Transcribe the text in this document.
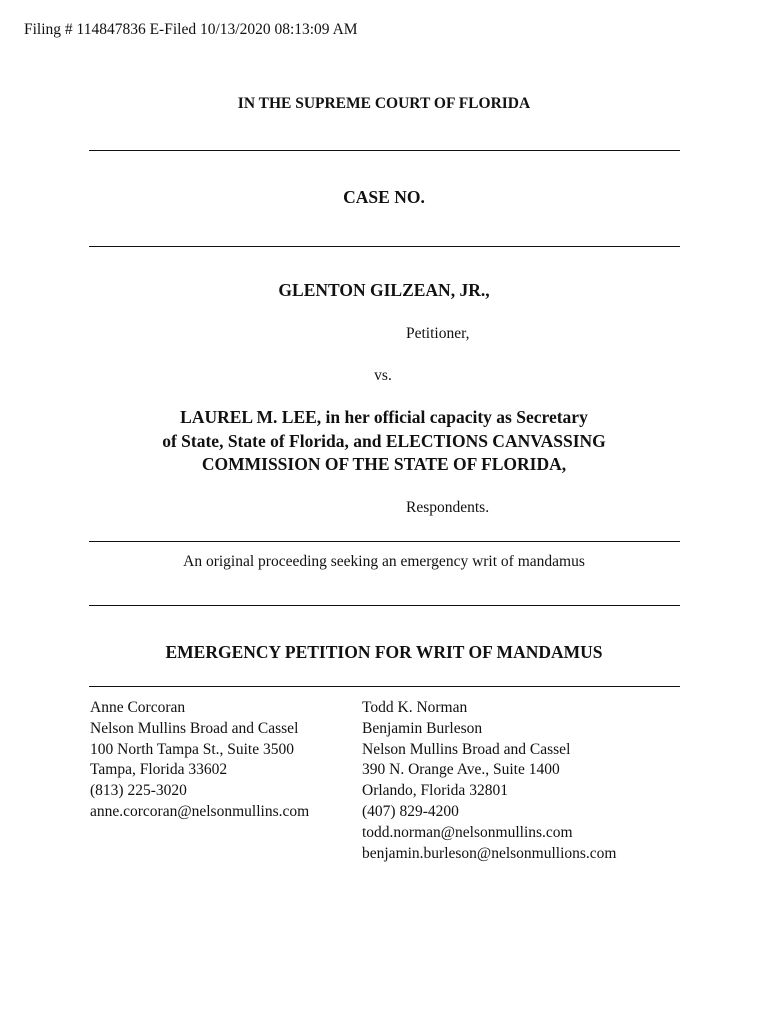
Filing # 114847836 E-Filed 10/13/2020 08:13:09 AM
IN THE SUPREME COURT OF FLORIDA
CASE NO.
GLENTON GILZEAN, JR.,
Petitioner,
vs.
LAUREL M. LEE, in her official capacity as Secretary
of State, State of Florida, and ELECTIONS CANVASSING
COMMISSION OF THE STATE OF FLORIDA,
Respondents.
An original proceeding seeking an emergency writ of mandamus
EMERGENCY PETITION FOR WRIT OF MANDAMUS
Anne Corcoran
Nelson Mullins Broad and Cassel
100 North Tampa St., Suite 3500
Tampa, Florida 33602
(813) 225-3020
anne.corcoran@nelsonmullins.com
Todd K. Norman
Benjamin Burleson
Nelson Mullins Broad and Cassel
390 N. Orange Ave., Suite 1400
Orlando, Florida 32801
(407) 829-4200
todd.norman@nelsonmullins.com
benjamin.burleson@nelsonmullions.com
